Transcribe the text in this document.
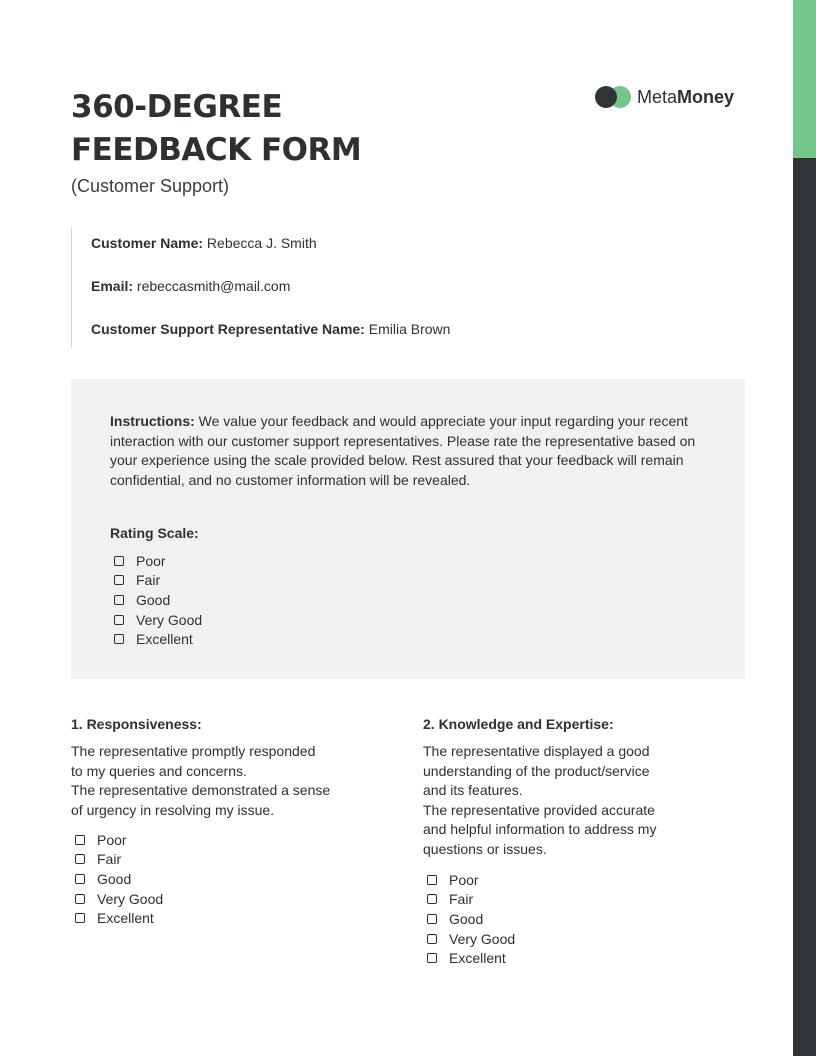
360-DEGREE
FEEDBACK FORM
(Customer Support)
MetaMoney
Customer Name: Rebecca J. Smith
Email: rebeccasmith@mail.com
Customer Support Representative Name: Emilia Brown

Instructions: We value your feedback and would appreciate your input regarding your recent interaction with our customer support representatives. Please rate the representative based on your experience using the scale provided below. Rest assured that your feedback will remain confidential, and no customer information will be revealed.

Rating Scale:
Poor
Fair
Good
Very Good
Excellent
1. Responsiveness:

The representative promptly responded
to my queries and concerns.
The representative demonstrated a sense
of urgency in resolving my issue.

Poor
Fair
Good
Very Good
Excellent
2. Knowledge and Expertise:

The representative displayed a good
understanding of the product/service
and its features.
The representative provided accurate
and helpful information to address my
questions or issues.

Poor
Fair
Good
Very Good
Excellent
